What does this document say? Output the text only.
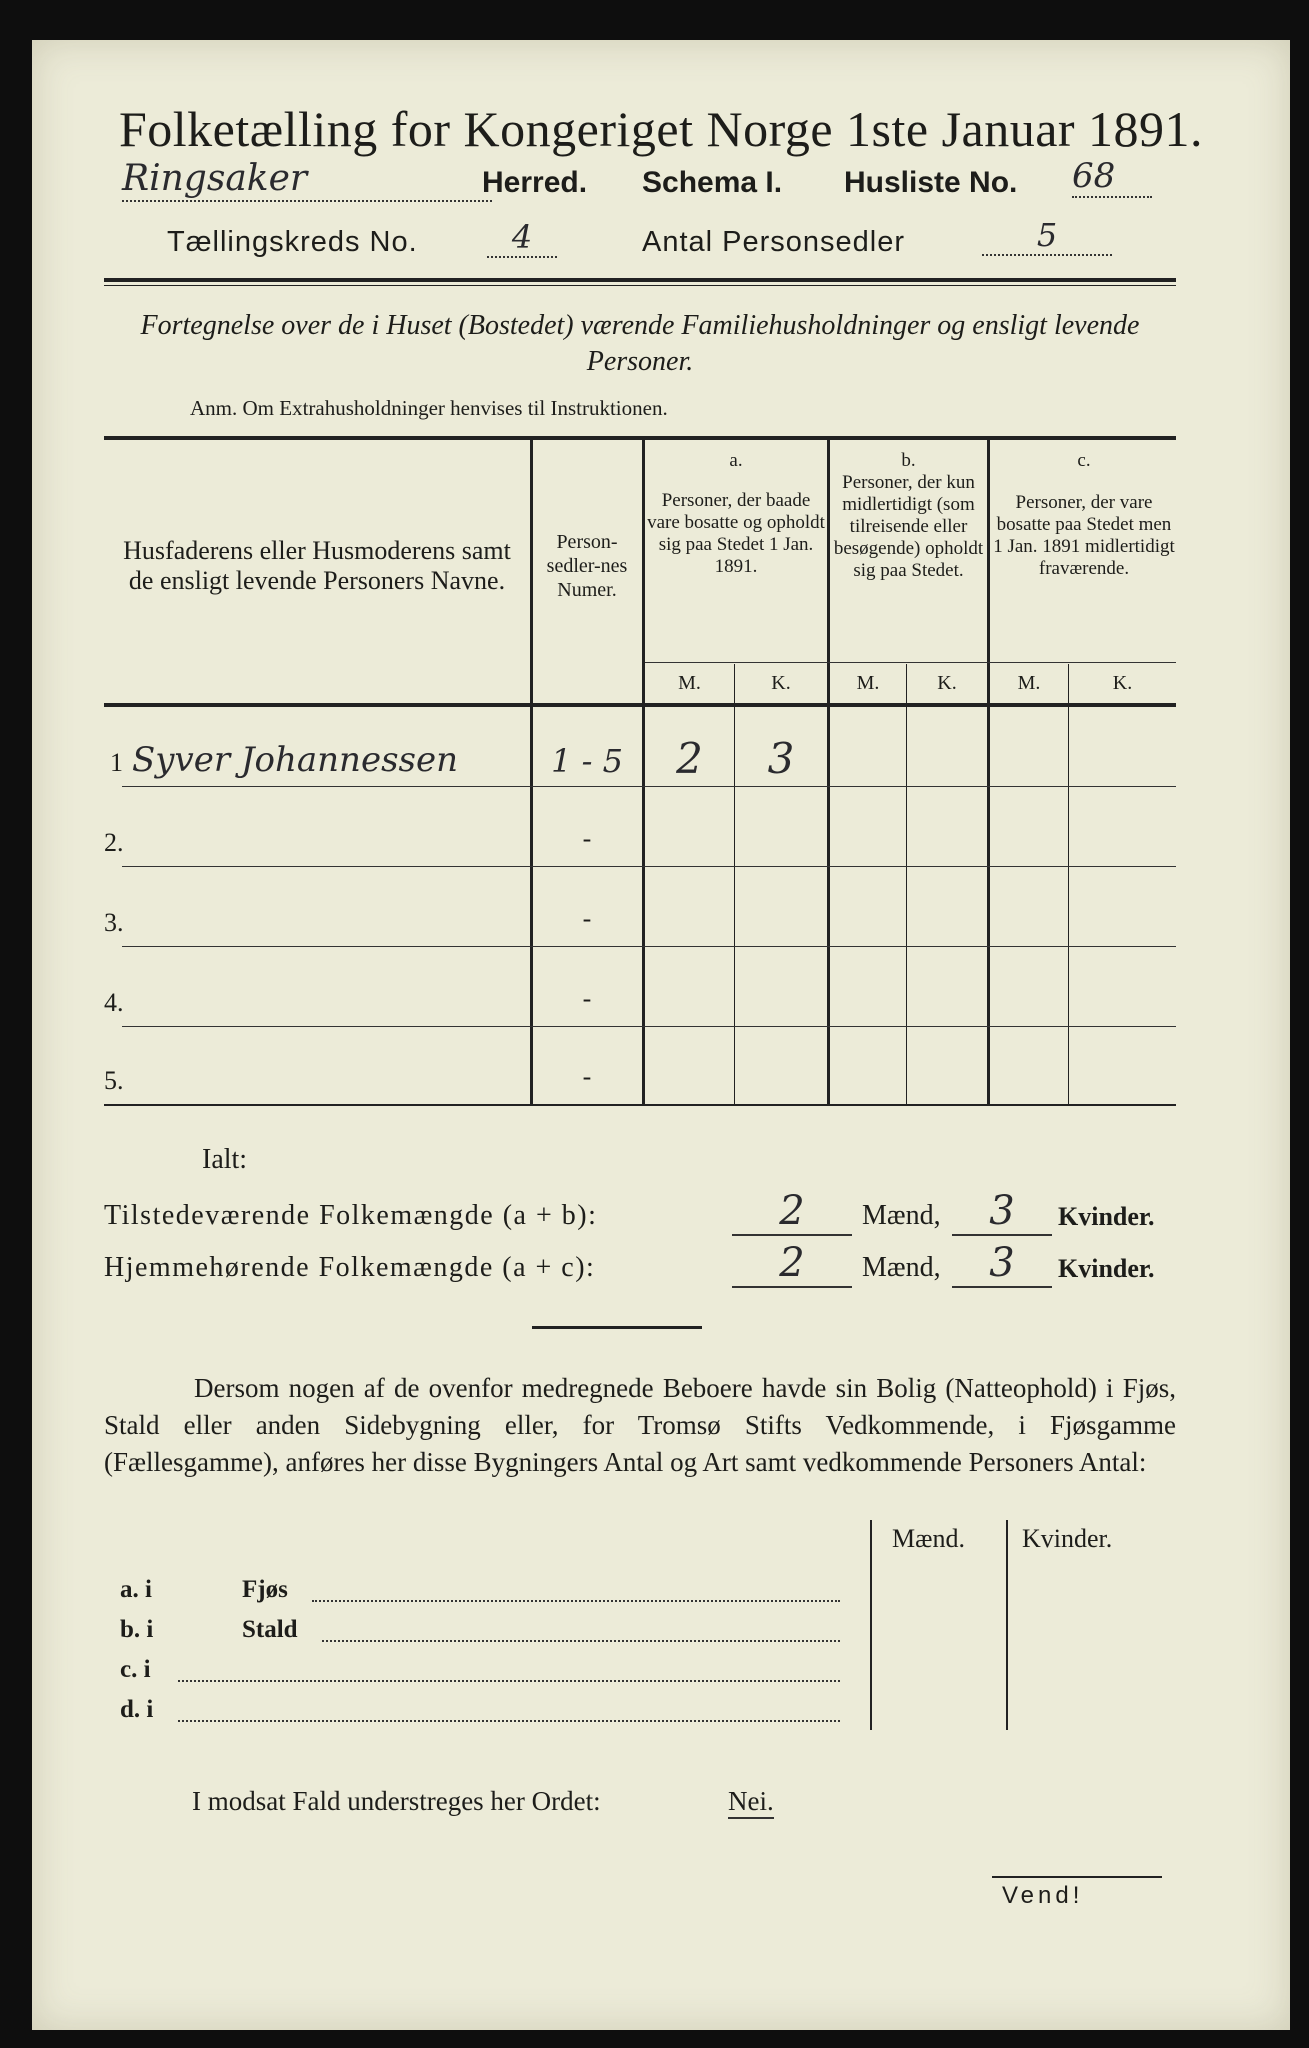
Folketælling for Kongeriget Norge 1ste Januar 1891.
Ringsaker	Herred. Schema I. Husliste No. 68
Tællingskreds No.	4	Antal Personsedler	5
Fortegnelse over de i Huset (Bostedet) værende Familiehusholdninger og ensligt levende Personer.
Anm. Om Extrahusholdninger henvises til Instruktionen.
Husfaderens eller Husmoderens samt de ensligt levende Personers Navne.
Person-sedler-nes Numer.
a.
Personer, der baade vare bosatte og opholdt sig paa Stedet 1 Jan. 1891.
b.
Personer, der kun midlertidigt (som tilreisende eller besøgende) opholdt sig paa Stedet.
c.
Personer, der vare bosatte paa Stedet men 1 Jan. 1891 midlertidigt fraværende.
M.	K.	M.	K.	M.	K.
1 Syver Johannessen	1 - 5	2	3
2.	-
3.	-
4.	-
5.	-
Ialt:
Tilstedeværende Folkemængde (a + b):	2	Mænd,	3	Kvinder.
Hjemmehørende Folkemængde (a + c):	2	Mænd,	3	Kvinder.
Dersom nogen af de ovenfor medregnede Beboere havde sin Bolig (Natteophold) i Fjøs, Stald eller anden Sidebygning eller, for Tromsø Stifts Vedkommende, i Fjøsgamme (Fællesgamme), anføres her disse Bygningers Antal og Art samt vedkommende Personers Antal:
Mænd. Kvinder.
a. i	Fjøs
b. i	Stald
c. i
d. i
I modsat Fald understreges her Ordet:	Nei.
Vend!
